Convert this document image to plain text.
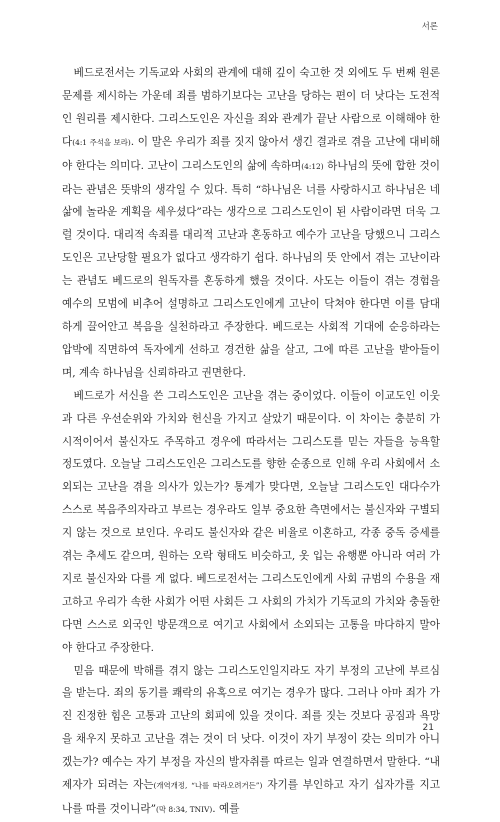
서론

베드로전서는 기독교와 사회의 관계에 대해 깊이 숙고한 것 외에도 두 번째 원론 문제를 제시하는 가운데 죄를 범하기보다는 고난을 당하는 편이 더 낫다는 도전적인 원리를 제시한다. 그리스도인은 자신을 죄와 관계가 끝난 사람으로 이해해야 한다(4:1 주석을 보라). 이 말은 우리가 죄를 짓지 않아서 생긴 결과로 겪을 고난에 대비해야 한다는 의미다. 고난이 그리스도인의 삶에 속하며(4:12) 하나님의 뜻에 합한 것이라는 관념은 뜻밖의 생각일 수 있다. 특히 “하나님은 너를 사랑하시고 하나님은 네 삶에 놀라운 계획을 세우셨다”라는 생각으로 그리스도인이 된 사람이라면 더욱 그럴 것이다. 대리적 속죄를 대리적 고난과 혼동하고 예수가 고난을 당했으니 그리스도인은 고난당할 필요가 없다고 생각하기 쉽다. 하나님의 뜻 안에서 겪는 고난이라는 관념도 베드로의 원독자를 혼동하게 했을 것이다. 사도는 이들이 겪는 경험을 예수의 모범에 비추어 설명하고 그리스도인에게 고난이 닥쳐야 한다면 이를 담대하게 끌어안고 복음을 실천하라고 주장한다. 베드로는 사회적 기대에 순응하라는 압박에 직면하여 독자에게 선하고 경건한 삶을 살고, 그에 따른 고난을 받아들이며, 계속 하나님을 신뢰하라고 권면한다.

베드로가 서신을 쓴 그리스도인은 고난을 겪는 중이었다. 이들이 이교도인 이웃과 다른 우선순위와 가치와 헌신을 가지고 살았기 때문이다. 이 차이는 충분히 가시적이어서 불신자도 주목하고 경우에 따라서는 그리스도를 믿는 자들을 능욕할 정도였다. 오늘날 그리스도인은 그리스도를 향한 순종으로 인해 우리 사회에서 소외되는 고난을 겪을 의사가 있는가? 통계가 맞다면, 오늘날 그리스도인 대다수가 스스로 복음주의자라고 부르는 경우라도 일부 중요한 측면에서는 불신자와 구별되지 않는 것으로 보인다. 우리도 불신자와 같은 비율로 이혼하고, 각종 중독 증세를 겪는 추세도 같으며, 원하는 오락 형태도 비슷하고, 옷 입는 유행뿐 아니라 여러 가지로 불신자와 다를 게 없다. 베드로전서는 그리스도인에게 사회 규범의 수용을 재고하고 우리가 속한 사회가 어떤 사회든 그 사회의 가치가 기독교의 가치와 충돌한다면 스스로 외국인 방문객으로 여기고 사회에서 소외되는 고통을 마다하지 말아야 한다고 주장한다.

믿음 때문에 박해를 겪지 않는 그리스도인일지라도 자기 부정의 고난에 부르심을 받는다. 죄의 동기를 쾌락의 유혹으로 여기는 경우가 많다. 그러나 아마 죄가 가진 진정한 힘은 고통과 고난의 회피에 있을 것이다. 죄를 짓는 것보다 공짐과 욕망을 채우지 못하고 고난을 겪는 것이 더 낫다. 이것이 자기 부정이 갖는 의미가 아니겠는가? 예수는 자기 부정을 자신의 발자취를 따르는 일과 연결하면서 말한다. “내 제자가 되려는 자는(개역개정, “나를 따라오려거든”) 자기를 부인하고 자기 십자가를 지고 나를 따를 것이니라”(막 8:34, TNIV). 예를

21
